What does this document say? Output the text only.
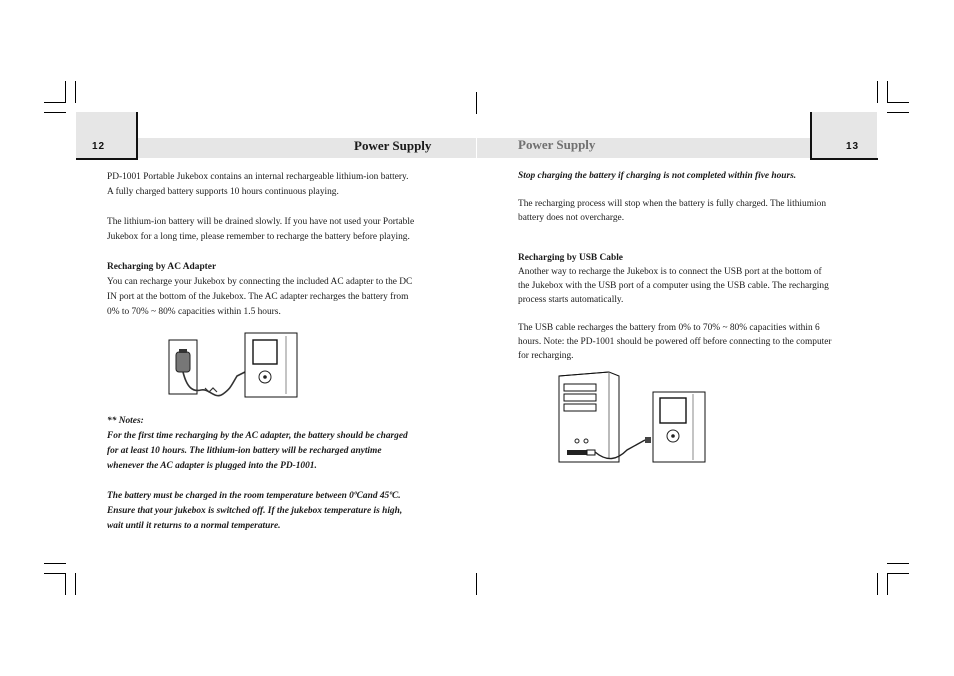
12	Power Supply	13
Power Supply

PD-1001 Portable Jukebox contains an internal rechargeable lithium-ion battery.

A fully charged battery supports 10 hours continuous playing.

The lithium-ion battery will be drained slowly. If you have not used your Portable

Jukebox for a long time, please remember to recharge the battery before playing.

Recharging by AC Adapter

You can recharge your Jukebox by connecting the included AC adapter to the DC

IN port at the bottom of the Jukebox. The AC adapter recharges the battery from

0% to 70% ~ 80% capacities within 1.5 hours.

** Notes:

For the first time recharging by the AC adapter, the battery should be charged

for at least 10 hours. The lithium-ion battery will be recharged anytime

whenever the AC adapter is plugged into the PD-1001.

The battery must be charged in the room temperature between 0ºCand 45ºC.

Ensure that your jukebox is switched off. If the jukebox temperature is high,

wait until it returns to a normal temperature.

Stop charging the battery if charging is not completed within five hours.

The recharging process will stop when the battery is fully charged. The lithiumion

battery does not overcharge.

Recharging by USB Cable

Another way to recharge the Jukebox is to connect the USB port at the bottom of

the Jukebox with the USB port of a computer using the USB cable. The recharging

process starts automatically.

The USB cable recharges the battery from 0% to 70% ~ 80% capacities within 6

hours. Note: the PD-1001 should be powered off before connecting to the computer

for recharging.
